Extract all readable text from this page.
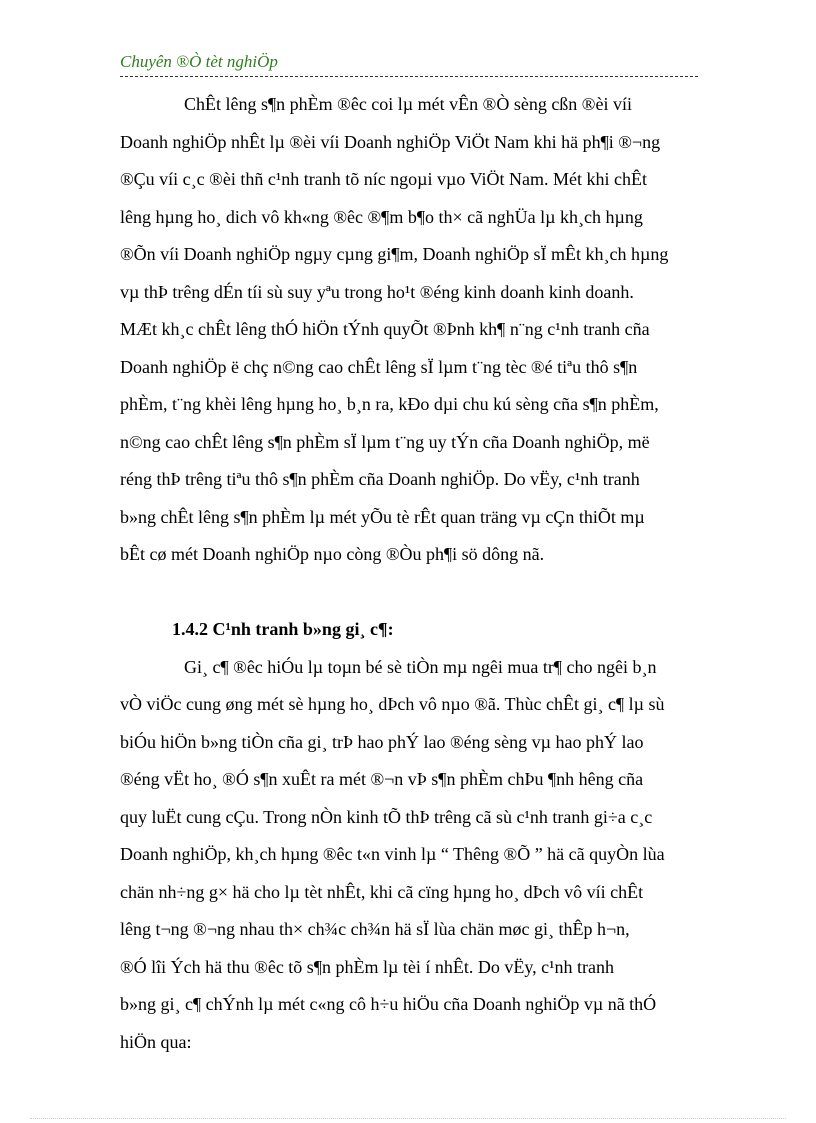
Chuyên ®Ò tèt nghiÖp
ChÊt lêng s¶n phÈm ®êc coi lµ mét vÊn ®Ò sèng cßn ®èi víi
Doanh nghiÖp nhÊt lµ ®èi víi Doanh nghiÖp ViÖt Nam khi hä ph¶i ®¬ng
®Çu víi c¸c ®èi thñ c¹nh tranh tõ níc ngoµi vµo ViÖt Nam. Mét khi chÊt
lêng hµng ho¸ dich vô kh«ng ®êc ®¶m b¶o th× cã nghÜa lµ kh¸ch hµng
®Õn víi Doanh nghiÖp ngµy cµng gi¶m, Doanh nghiÖp sÏ mÊt kh¸ch hµng
vµ thÞ trêng dÉn tíi sù suy yªu trong ho¹t ®éng kinh doanh kinh doanh.
MÆt kh¸c chÊt lêng thÓ hiÖn tÝnh quyÕt ®Þnh kh¶ n¨ng c¹nh tranh cña
Doanh nghiÖp ë chç n©ng cao chÊt lêng sÏ lµm t¨ng tèc ®é tiªu thô s¶n
phÈm, t¨ng khèi lêng hµng ho¸ b¸n ra, kÐo dµi chu kú sèng cña s¶n phÈm,
n©ng cao chÊt lêng s¶n phÈm sÏ lµm t¨ng uy tÝn cña Doanh nghiÖp, më
réng thÞ trêng tiªu thô s¶n phÈm cña Doanh nghiÖp. Do vËy, c¹nh tranh
b»ng chÊt lêng s¶n phÈm lµ mét yÕu tè rÊt quan träng vµ cÇn thiÕt mµ
bÊt cø mét Doanh nghiÖp nµo còng ®Òu ph¶i sö dông nã.
1.4.2 C¹nh tranh b»ng gi¸ c¶:
Gi¸ c¶ ®êc hiÓu lµ toµn bé sè tiÒn mµ ngêi mua tr¶ cho ngêi b¸n
vÒ viÖc cung øng mét sè hµng ho¸ dÞch vô nµo ®ã. Thùc chÊt gi¸ c¶ lµ sù
biÓu hiÖn b»ng tiÒn cña gi¸ trÞ hao phÝ lao ®éng sèng vµ hao phÝ lao
®éng vËt ho¸ ®Ó s¶n xuÊt ra mét ®¬n vÞ s¶n phÈm chÞu ¶nh hêng cña
quy luËt cung cÇu. Trong nÒn kinh tÕ thÞ trêng cã sù c¹nh tranh gi÷a c¸c
Doanh nghiÖp, kh¸ch hµng ®êc t«n vinh lµ “ Thêng ®Õ ” hä cã quyÒn lùa
chän nh÷ng g× hä cho lµ tèt nhÊt, khi cã cïng hµng ho¸ dÞch vô víi chÊt
lêng t¬ng ®¬ng nhau th× ch¾c ch¾n hä sÏ lùa chän møc gi¸ thÊp h¬n,
®Ó lîi Ých hä thu ®êc tõ s¶n phÈm lµ tèi í nhÊt. Do vËy, c¹nh tranh
b»ng gi¸ c¶ chÝnh lµ mét c«ng cô h÷u hiÖu cña Doanh nghiÖp vµ nã thÓ
hiÖn qua:
